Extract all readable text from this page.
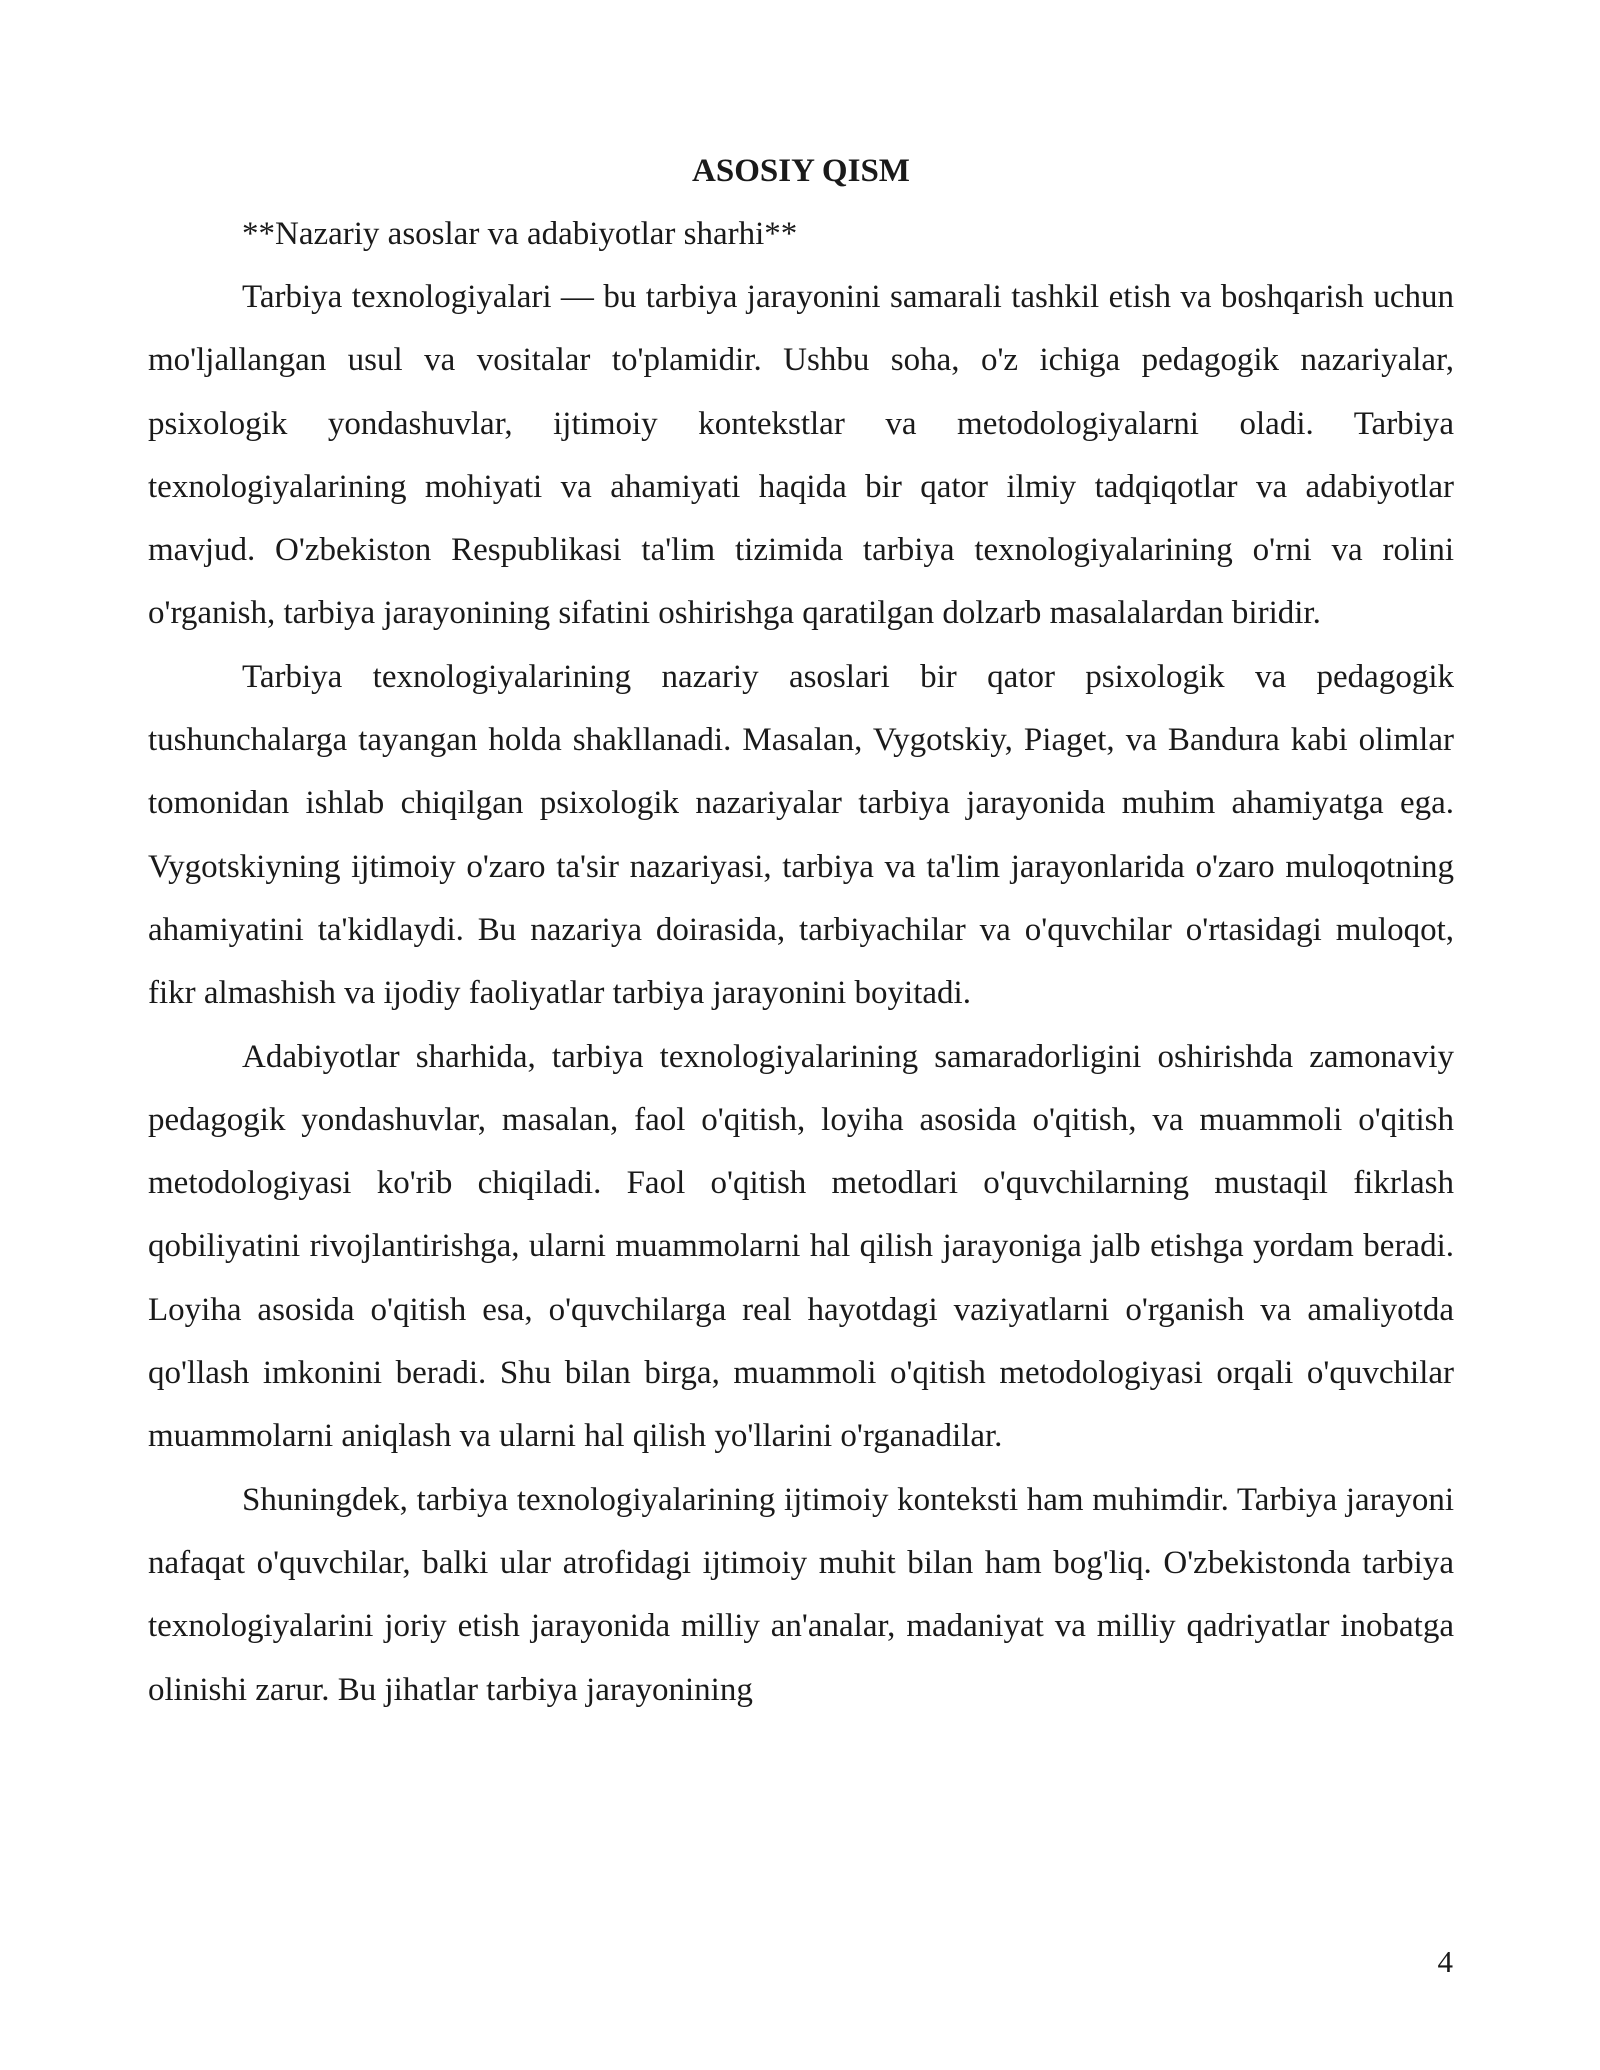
ASOSIY QISM

**Nazariy asoslar va adabiyotlar sharhi**

Tarbiya texnologiyalari — bu tarbiya jarayonini samarali tashkil etish va boshqarish uchun mo'ljallangan usul va vositalar to'plamidir. Ushbu soha, o'z ichiga pedagogik nazariyalar, psixologik yondashuvlar, ijtimoiy kontekstlar va metodologiyalarni oladi. Tarbiya texnologiyalarining mohiyati va ahamiyati haqida bir qator ilmiy tadqiqotlar va adabiyotlar mavjud. O'zbekiston Respublikasi ta'lim tizimida tarbiya texnologiyalarining o'rni va rolini o'rganish, tarbiya jarayonining sifatini oshirishga qaratilgan dolzarb masalalardan biridir.

Tarbiya texnologiyalarining nazariy asoslari bir qator psixologik va pedagogik tushunchalarga tayangan holda shakllanadi. Masalan, Vygotskiy, Piaget, va Bandura kabi olimlar tomonidan ishlab chiqilgan psixologik nazariyalar tarbiya jarayonida muhim ahamiyatga ega. Vygotskiyning ijtimoiy o'zaro ta'sir nazariyasi, tarbiya va ta'lim jarayonlarida o'zaro muloqotning ahamiyatini ta'kidlaydi. Bu nazariya doirasida, tarbiyachilar va o'quvchilar o'rtasidagi muloqot, fikr almashish va ijodiy faoliyatlar tarbiya jarayonini boyitadi.

Adabiyotlar sharhida, tarbiya texnologiyalarining samaradorligini oshirishda zamonaviy pedagogik yondashuvlar, masalan, faol o'qitish, loyiha asosida o'qitish, va muammoli o'qitish metodologiyasi ko'rib chiqiladi. Faol o'qitish metodlari o'quvchilarning mustaqil fikrlash qobiliyatini rivojlantirishga, ularni muammolarni hal qilish jarayoniga jalb etishga yordam beradi. Loyiha asosida o'qitish esa, o'quvchilarga real hayotdagi vaziyatlarni o'rganish va amaliyotda qo'llash imkonini beradi. Shu bilan birga, muammoli o'qitish metodologiyasi orqali o'quvchilar muammolarni aniqlash va ularni hal qilish yo'llarini o'rganadilar.

Shuningdek, tarbiya texnologiyalarining ijtimoiy konteksti ham muhimdir. Tarbiya jarayoni nafaqat o'quvchilar, balki ular atrofidagi ijtimoiy muhit bilan ham bog'liq. O'zbekistonda tarbiya texnologiyalarini joriy etish jarayonida milliy an'analar, madaniyat va milliy qadriyatlar inobatga olinishi zarur. Bu jihatlar tarbiya jarayonining

4
